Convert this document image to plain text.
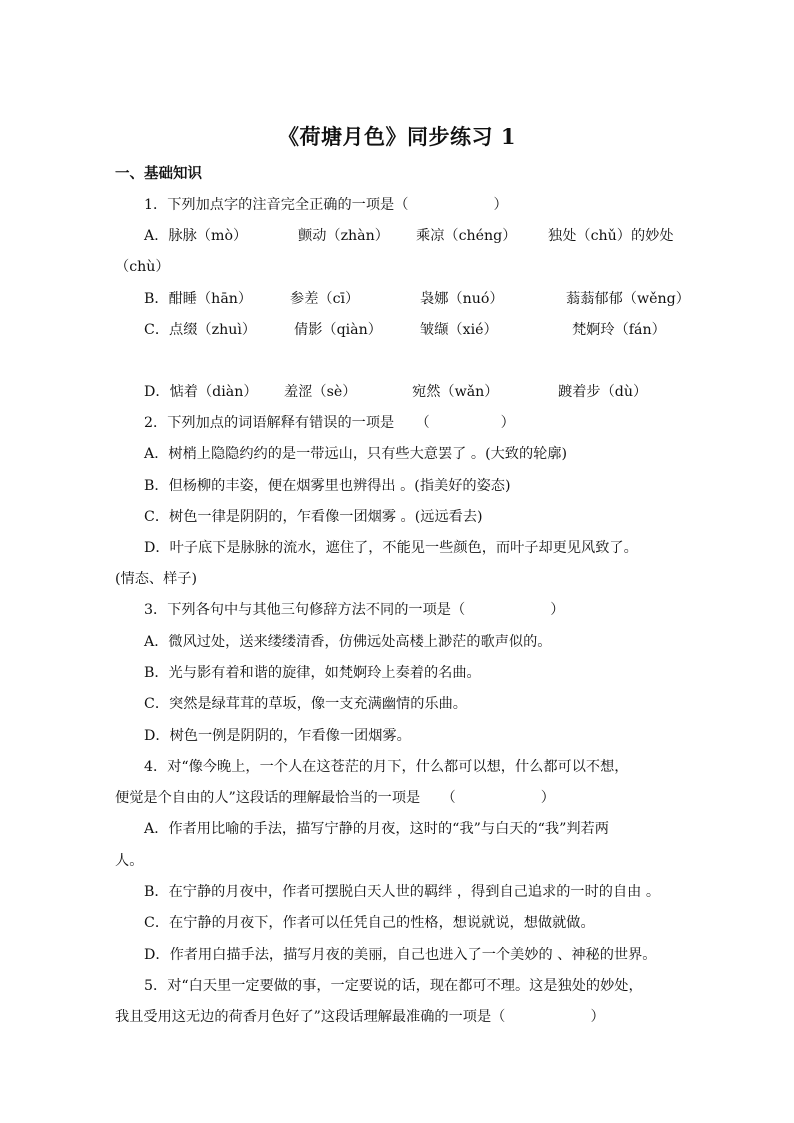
《荷塘月色》同步练习 1
一、基础知识
1．下列加点字的注音完全正确的一项是（　　　　　　）
A．脉脉（mò）	颤动（zhàn） 乘凉（chéng） 独处（chǔ）的妙处
（chù）
B．酣睡（hān）	参差（cī）	袅娜（nuó）	蓊蓊郁郁（wěng）
C．点缀（zhuì）	倩影（qiàn）	皱缬（xié）	梵婀玲（fán）
D．惦着（diàn） 羞涩（sè）	宛然（wǎn）	踱着步（dù）
2．下列加点的词语解释有错误的一项是　　（　　　　　）
A．树梢上隐隐约约的是一带远山，只有些大意罢了 。(大致的轮廓)
B．但杨柳的丰姿，便在烟雾里也辨得出 。(指美好的姿态)
C．树色一律是阴阴的，乍看像一团烟雾 。(远远看去)
D．叶子底下是脉脉的流水，遮住了，不能见一些颜色，而叶子却更见风致了。
(情态、样子)
3．下列各句中与其他三句修辞方法不同的一项是（　　　　　　）
A．微风过处，送来缕缕清香，仿佛远处高楼上渺茫的歌声似的。
B．光与影有着和谐的旋律，如梵婀玲上奏着的名曲。
C．突然是绿茸茸的草坂，像一支充满幽情的乐曲。
D．树色一例是阴阴的，乍看像一团烟雾。
4．对“像今晚上，一个人在这苍茫的月下，什么都可以想，什么都可以不想，
便觉是个自由的人”这段话的理解最恰当的一项是　　（　　　　　　）
A．作者用比喻的手法，描写宁静的月夜，这时的“我”与白天的“我”判若两
人。
B．在宁静的月夜中，作者可摆脱白天人世的羁绊 ，得到自己追求的一时的自由 。
C．在宁静的月夜下，作者可以任凭自己的性格，想说就说，想做就做。
D．作者用白描手法，描写月夜的美丽，自己也进入了一个美妙的 、神秘的世界。
5．对“白天里一定要做的事，一定要说的话，现在都可不理。这是独处的妙处，
我且受用这无边的荷香月色好了”这段话理解最准确的一项是（　　　　　　）
